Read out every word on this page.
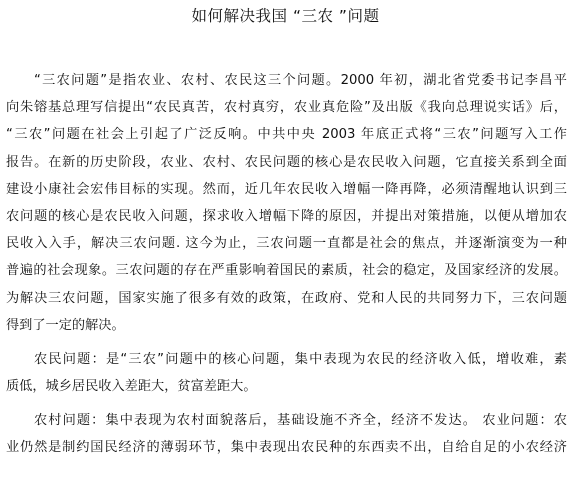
如何解决我国 “三农 ”问题
“三农问题”是指农业、农村、农民这三个问题。2000 年初，湖北省党委书记李昌平
向朱镕基总理写信提出“农民真苦，农村真穷，农业真危险”及出版《我向总理说实话》后，
“三农”问题在社会上引起了广泛反响。中共中央 2003 年底正式将“三农”问题写入工作
报告。在新的历史阶段，农业、农村、农民问题的核心是农民收入问题，它直接关系到全面
建设小康社会宏伟目标的实现。然而，近几年农民收入增幅一降再降，必须清醒地认识到三
农问题的核心是农民收入问题，探求收入增幅下降的原因，并提出对策措施，以便从增加农
民收入入手，解决三农问题. 这今为止，三农问题一直都是社会的焦点，并逐渐演变为一种
普遍的社会现象。三农问题的存在严重影响着国民的素质，社会的稳定，及国家经济的发展。
为解决三农问题，国家实施了很多有效的政策，在政府、党和人民的共同努力下，三农问题
得到了一定的解决。
农民问题：是“三农”问题中的核心问题，集中表现为农民的经济收入低，增收难，素
质低，城乡居民收入差距大，贫富差距大。
农村问题：集中表现为农村面貌落后，基础设施不齐全，经济不发达。 农业问题：农
业仍然是制约国民经济的薄弱环节，集中表现出农民种的东西卖不出，自给自足的小农经济
